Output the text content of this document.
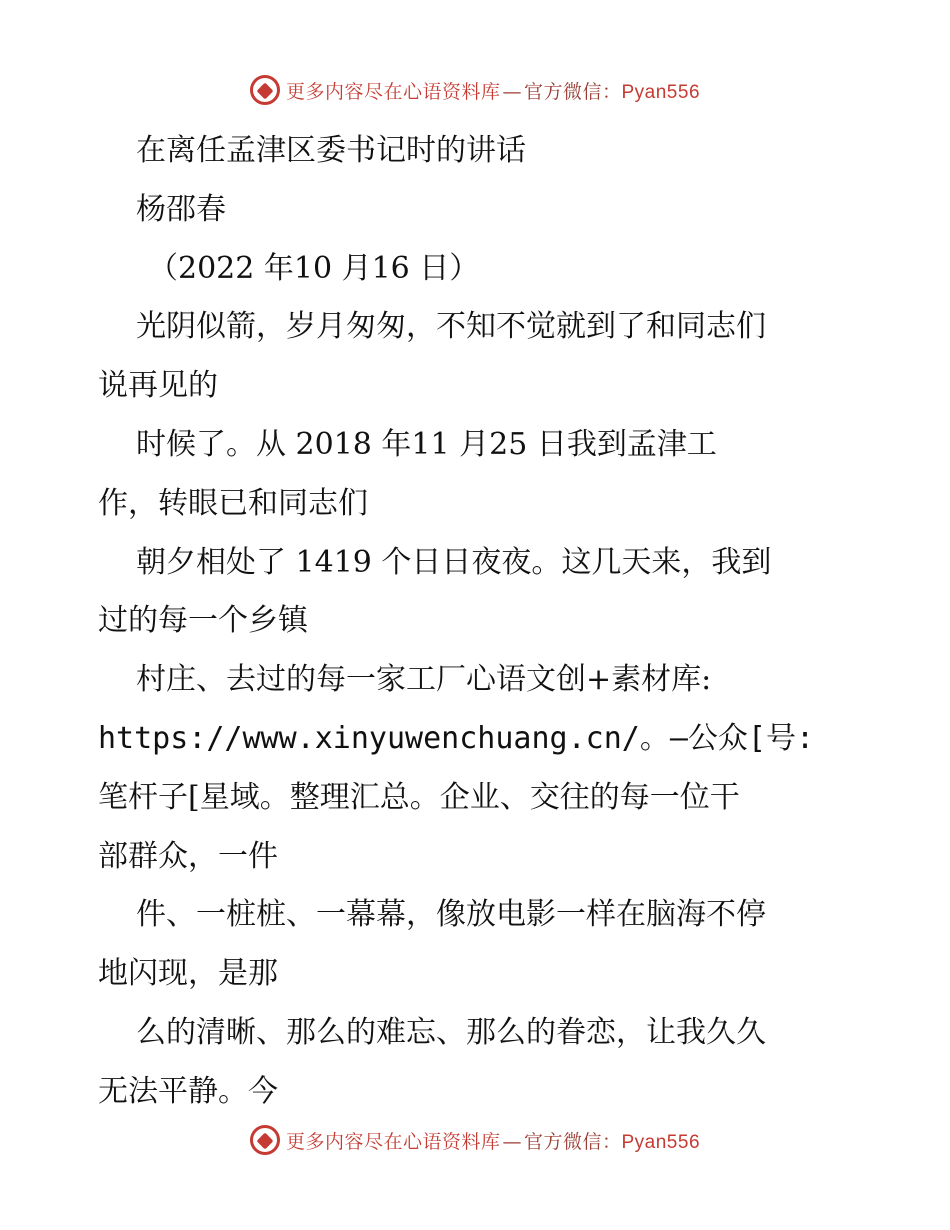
更多内容尽在心语资料库 — 官方微信：Pyan556
在离任孟津区委书记时的讲话
杨邵春
（2022 年10 月16 日）
光阴似箭，岁月匆匆，不知不觉就到了和同志们
说再见的
时候了。从 2018 年11 月25 日我到孟津工
作，转眼已和同志们
朝夕相处了 1419 个日日夜夜。这几天来，我到
过的每一个乡镇
村庄、去过的每一家工厂心语文创+素材库:
https://www.xinyuwenchuang.cn/。—公众[号:
笔杆子[星域。整理汇总。企业、交往的每一位干
部群众，一件
件、一桩桩、一幕幕，像放电影一样在脑海不停
地闪现，是那
么的清晰、那么的难忘、那么的眷恋，让我久久
无法平静。今
更多内容尽在心语资料库 — 官方微信：Pyan556
